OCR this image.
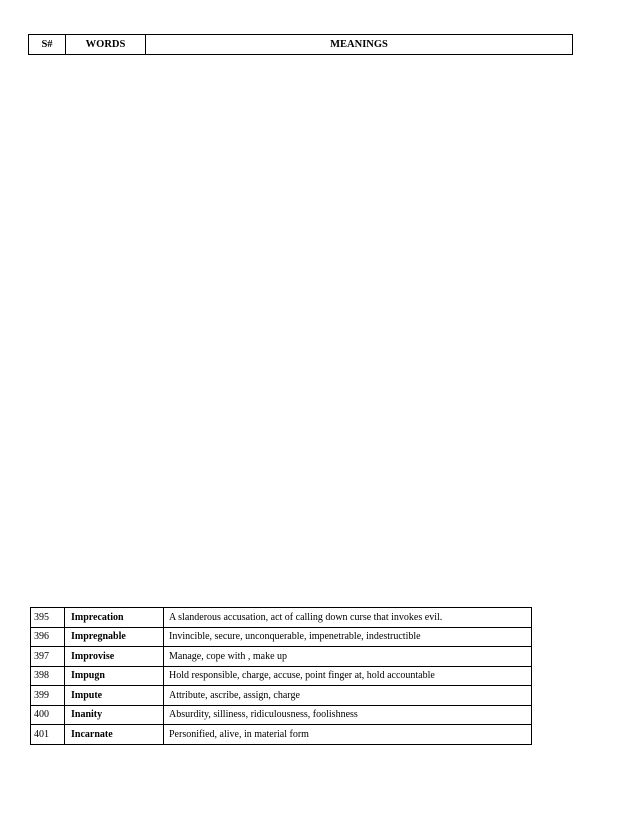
S#	WORDS	MEANINGS
395	Imprecation	A slanderous accusation, act of calling down curse that invokes evil.
396	Impregnable	Invincible, secure, unconquerable, impenetrable, indestructible
397	Improvise	Manage, cope with , make up
398	Impugn	Hold responsible, charge, accuse, point finger at, hold accountable
399	Impute	Attribute, ascribe, assign, charge
400	Inanity	Absurdity, silliness, ridiculousness, foolishness
401	Incarnate	Personified, alive, in material form
